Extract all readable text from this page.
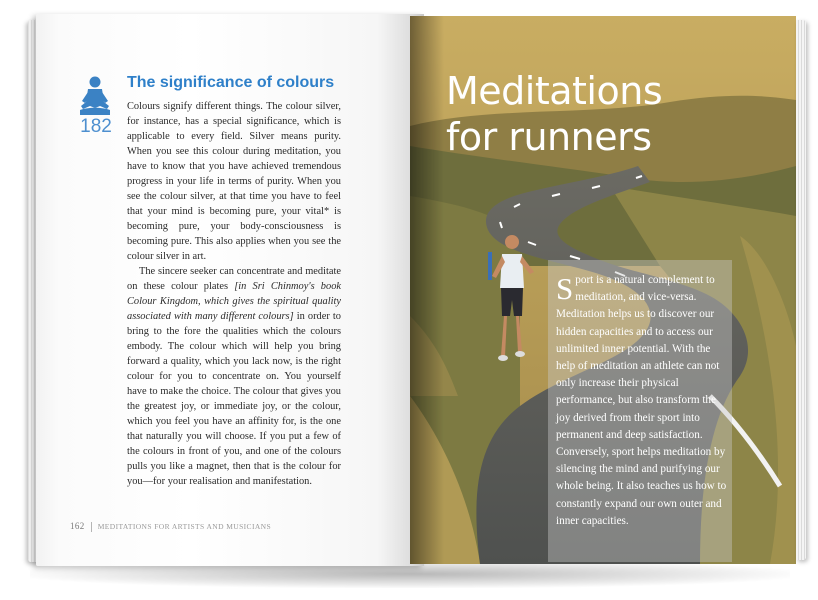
182
The significance of colours

Colours signify different things. The colour silver, for instance, has a special significance, which is applicable to every field. Silver means purity. When you see this colour during meditation, you have to know that you have achieved tremendous progress in your life in terms of purity. When you see the colour silver, at that time you have to feel that your mind is becoming pure, your vital* is becoming pure, your body-consciousness is becoming pure. This also applies when you see the colour silver in art.

The sincere seeker can concentrate and meditate on these colour plates [in Sri Chinmoy's book Colour Kingdom, which gives the spiritual quality associated with many different colours] in order to bring to the fore the qualities which the colours embody. The colour which will help you bring forward a quality, which you lack now, is the right colour for you to concentrate on. You yourself have to make the choice. The colour that gives you the greatest joy, or immediate joy, or the colour, which you feel you have an affinity for, is the one that naturally you will choose. If you put a few of the colours in front of you, and one of the colours pulls you like a magnet, then that is the colour for you—for your realisation and manifestation.

162 MEDITATIONS FOR ARTISTS AND MUSICIANS
Meditations
for runners

Sport is a natural complement to meditation, and vice-versa. Meditation helps us to discover our hidden capacities and to access our unlimited inner potential. With the help of meditation an athlete can not only increase their physical performance, but also transform the joy derived from their sport into permanent and deep satisfaction. Conversely, sport helps meditation by silencing the mind and purifying our whole being. It also teaches us how to constantly expand our own outer and inner capacities.
